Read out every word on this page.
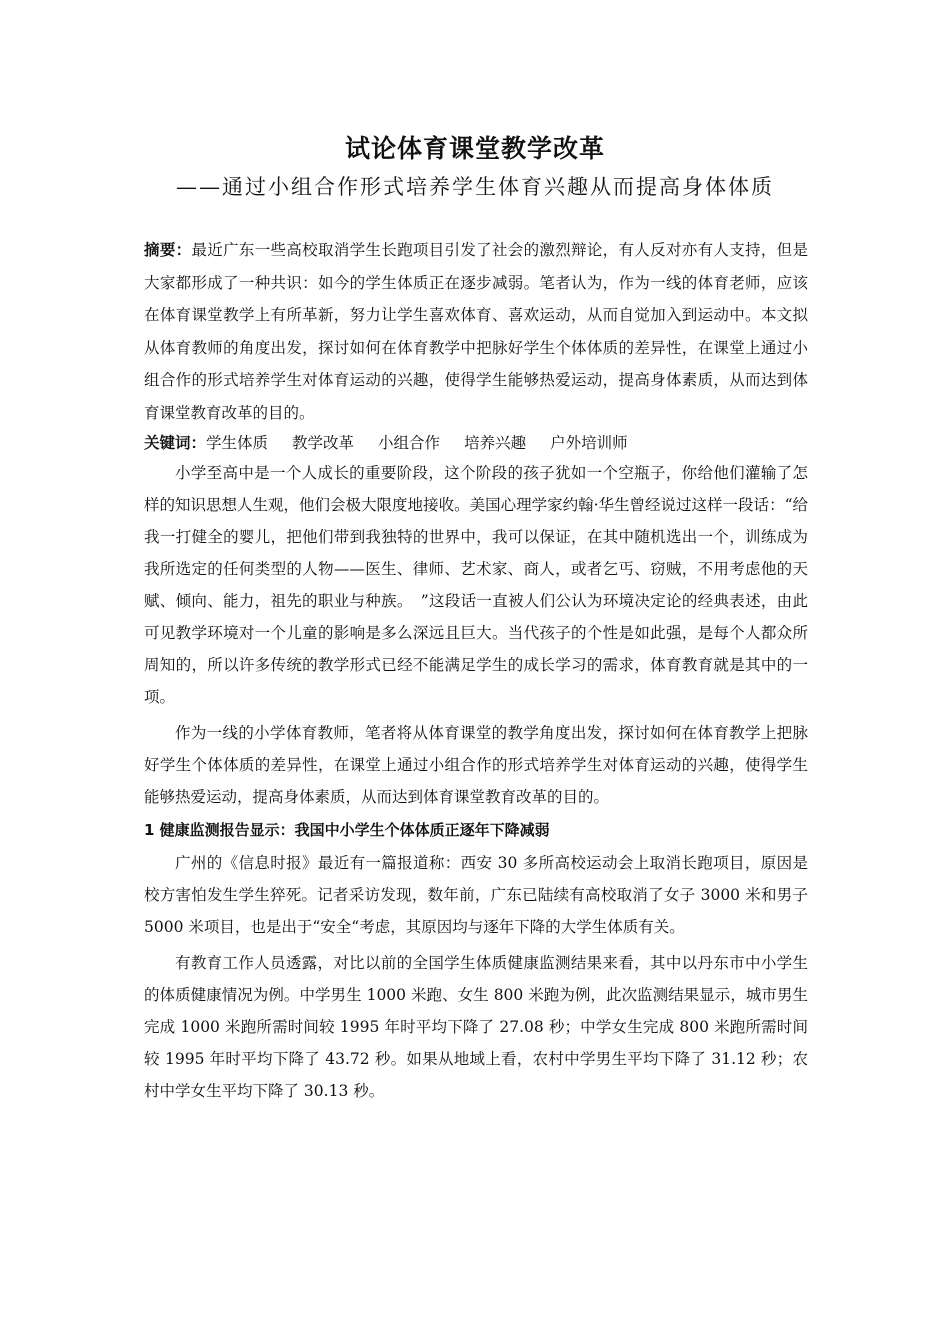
试论体育课堂教学改革
——通过小组合作形式培养学生体育兴趣从而提高身体体质

摘要：最近广东一些高校取消学生长跑项目引发了社会的激烈辩论，有人反对亦有人支持，但是大家都形成了一种共识：如今的学生体质正在逐步减弱。笔者认为，作为一线的体育老师，应该在体育课堂教学上有所革新，努力让学生喜欢体育、喜欢运动，从而自觉加入到运动中。本文拟从体育教师的角度出发，探讨如何在体育教学中把脉好学生个体体质的差异性，在课堂上通过小组合作的形式培养学生对体育运动的兴趣，使得学生能够热爱运动，提高身体素质，从而达到体育课堂教育改革的目的。

关键词：学生体质 教学改革 小组合作 培养兴趣 户外培训师

小学至高中是一个人成长的重要阶段，这个阶段的孩子犹如一个空瓶子，你给他们灌输了怎样的知识思想人生观，他们会极大限度地接收。美国心理学家约翰·华生曾经说过这样一段话：“给我一打健全的婴儿，把他们带到我独特的世界中，我可以保证，在其中随机选出一个，训练成为我所选定的任何类型的人物——医生、律师、艺术家、商人，或者乞丐、窃贼，不用考虑他的天赋、倾向、能力，祖先的职业与种族。　”这段话一直被人们公认为环境决定论的经典表述，由此可见教学环境对一个儿童的影响是多么深远且巨大。当代孩子的个性是如此强，是每个人都众所周知的，所以许多传统的教学形式已经不能满足学生的成长学习的需求，体育教育就是其中的一项。

作为一线的小学体育教师，笔者将从体育课堂的教学角度出发，探讨如何在体育教学上把脉好学生个体体质的差异性，在课堂上通过小组合作的形式培养学生对体育运动的兴趣，使得学生能够热爱运动，提高身体素质，从而达到体育课堂教育改革的目的。

1 健康监测报告显示：我国中小学生个体体质正逐年下降减弱

广州的《信息时报》最近有一篇报道称：西安 30 多所高校运动会上取消长跑项目，原因是校方害怕发生学生猝死。记者采访发现，数年前，广东已陆续有高校取消了女子 3000 米和男子 5000 米项目，也是出于“安全“考虑，其原因均与逐年下降的大学生体质有关。

有教育工作人员透露，对比以前的全国学生体质健康监测结果来看，其中以丹东市中小学生的体质健康情况为例。中学男生 1000 米跑、女生 800 米跑为例，此次监测结果显示，城市男生完成 1000 米跑所需时间较 1995 年时平均下降了 27.08 秒；中学女生完成 800 米跑所需时间较 1995 年时平均下降了 43.72 秒。如果从地域上看，农村中学男生平均下降了 31.12 秒；农村中学女生平均下降了 30.13 秒。
